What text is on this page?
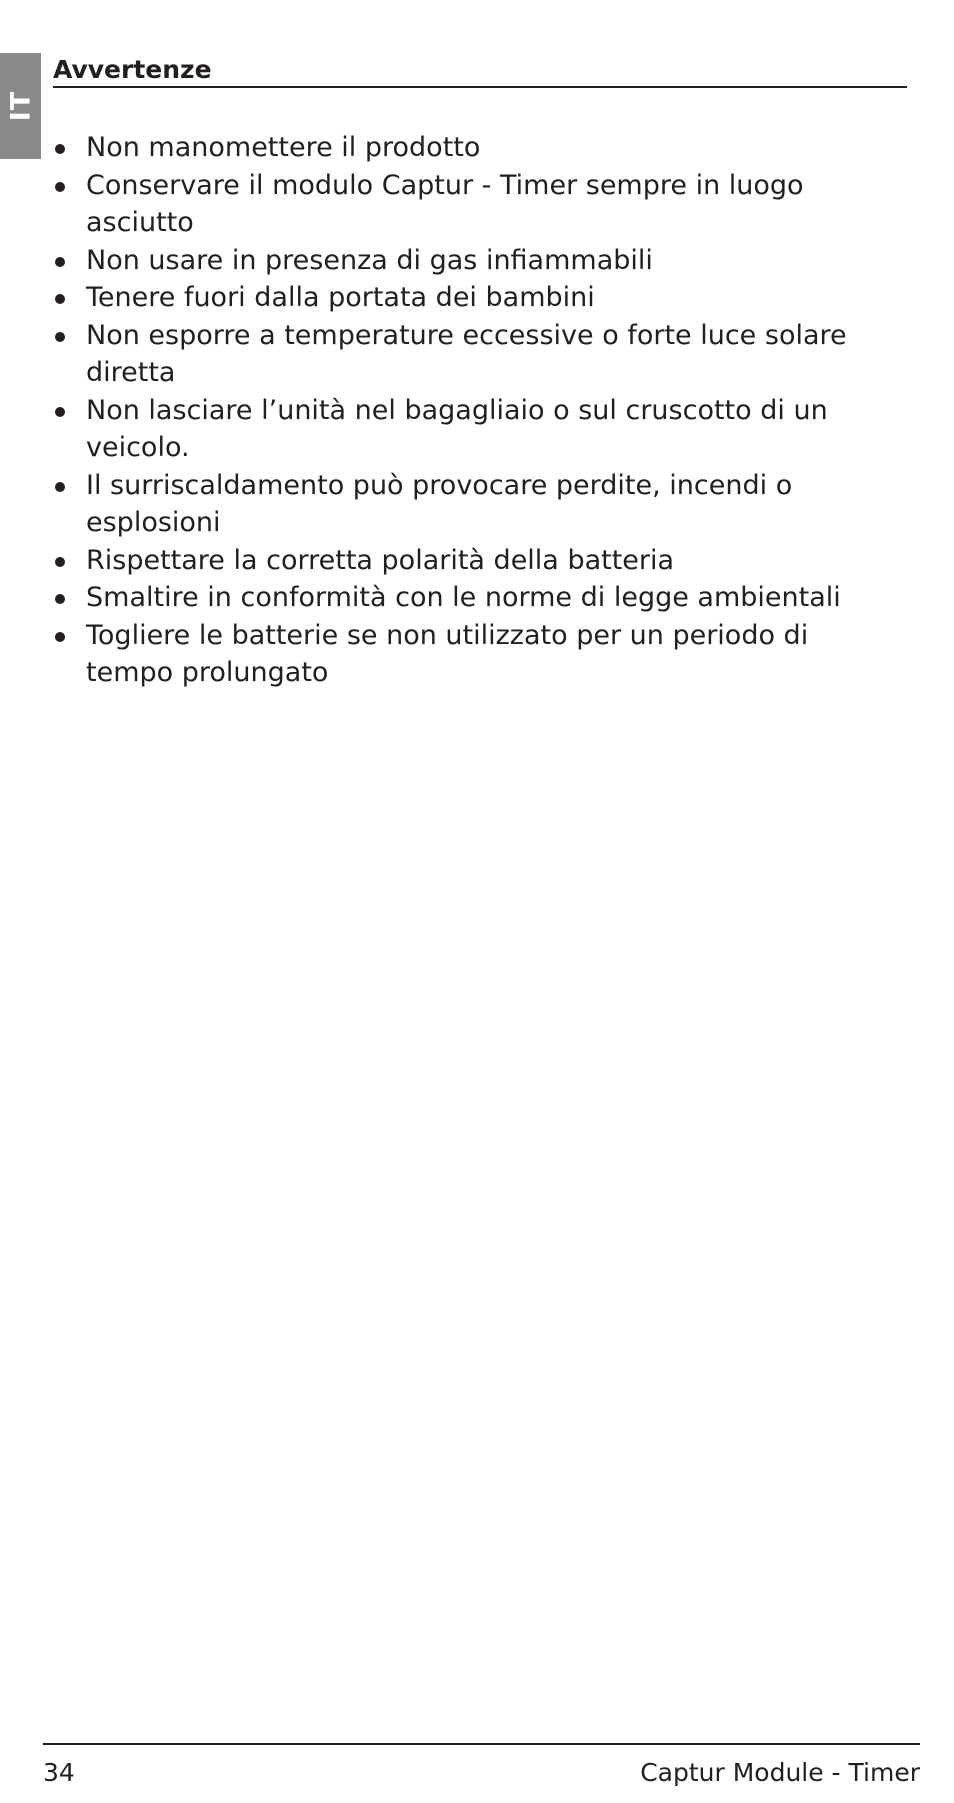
IT
Avvertenze
Non manomettere il prodotto
Conservare il modulo Captur - Timer sempre in luogo asciutto
Non usare in presenza di gas infiammabili
Tenere fuori dalla portata dei bambini
Non esporre a temperature eccessive o forte luce solare diretta
Non lasciare l’unità nel bagagliaio o sul cruscotto di un veicolo.
Il surriscaldamento può provocare perdite, incendi o esplosioni
Rispettare la corretta polarità della batteria
Smaltire in conformità con le norme di legge ambientali
Togliere le batterie se non utilizzato per un periodo di tempo prolungato
34	Captur Module - Timer
